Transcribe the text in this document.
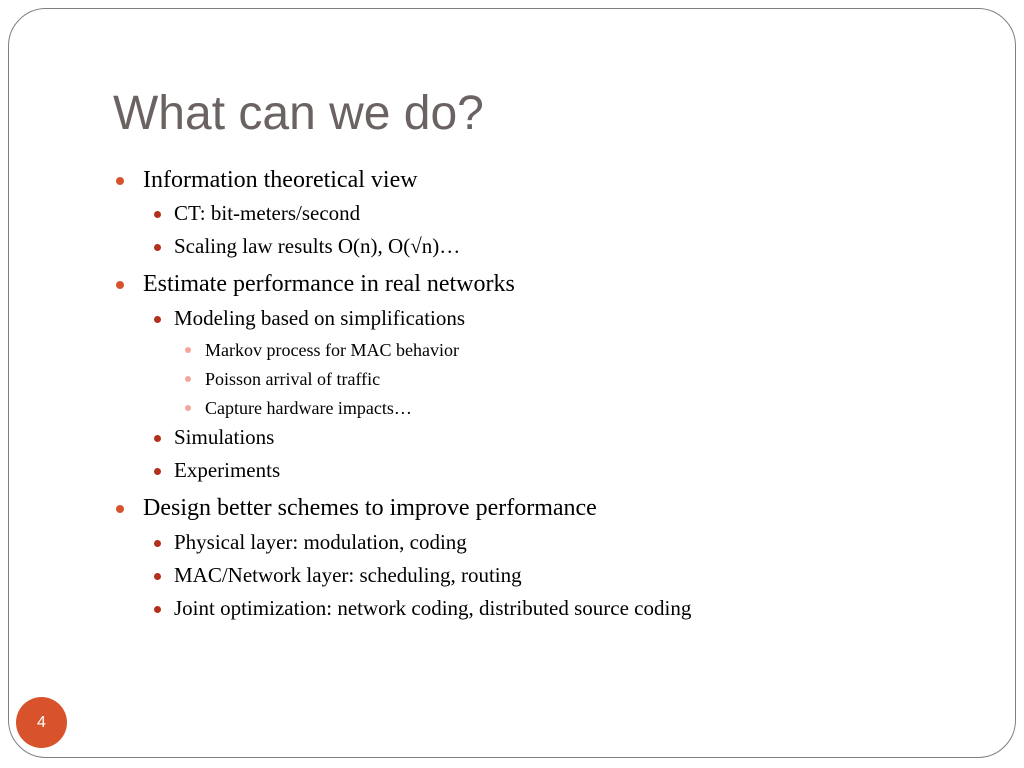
What can we do?
Information theoretical view
CT: bit-meters/second
Scaling law results O(n), O(√n)…
Estimate performance in real networks
Modeling based on simplifications
Markov process for MAC behavior
Poisson arrival of traffic
Capture hardware impacts…
Simulations
Experiments
Design better schemes to improve performance
Physical layer: modulation, coding
MAC/Network layer: scheduling, routing
Joint optimization: network coding, distributed source coding
4
